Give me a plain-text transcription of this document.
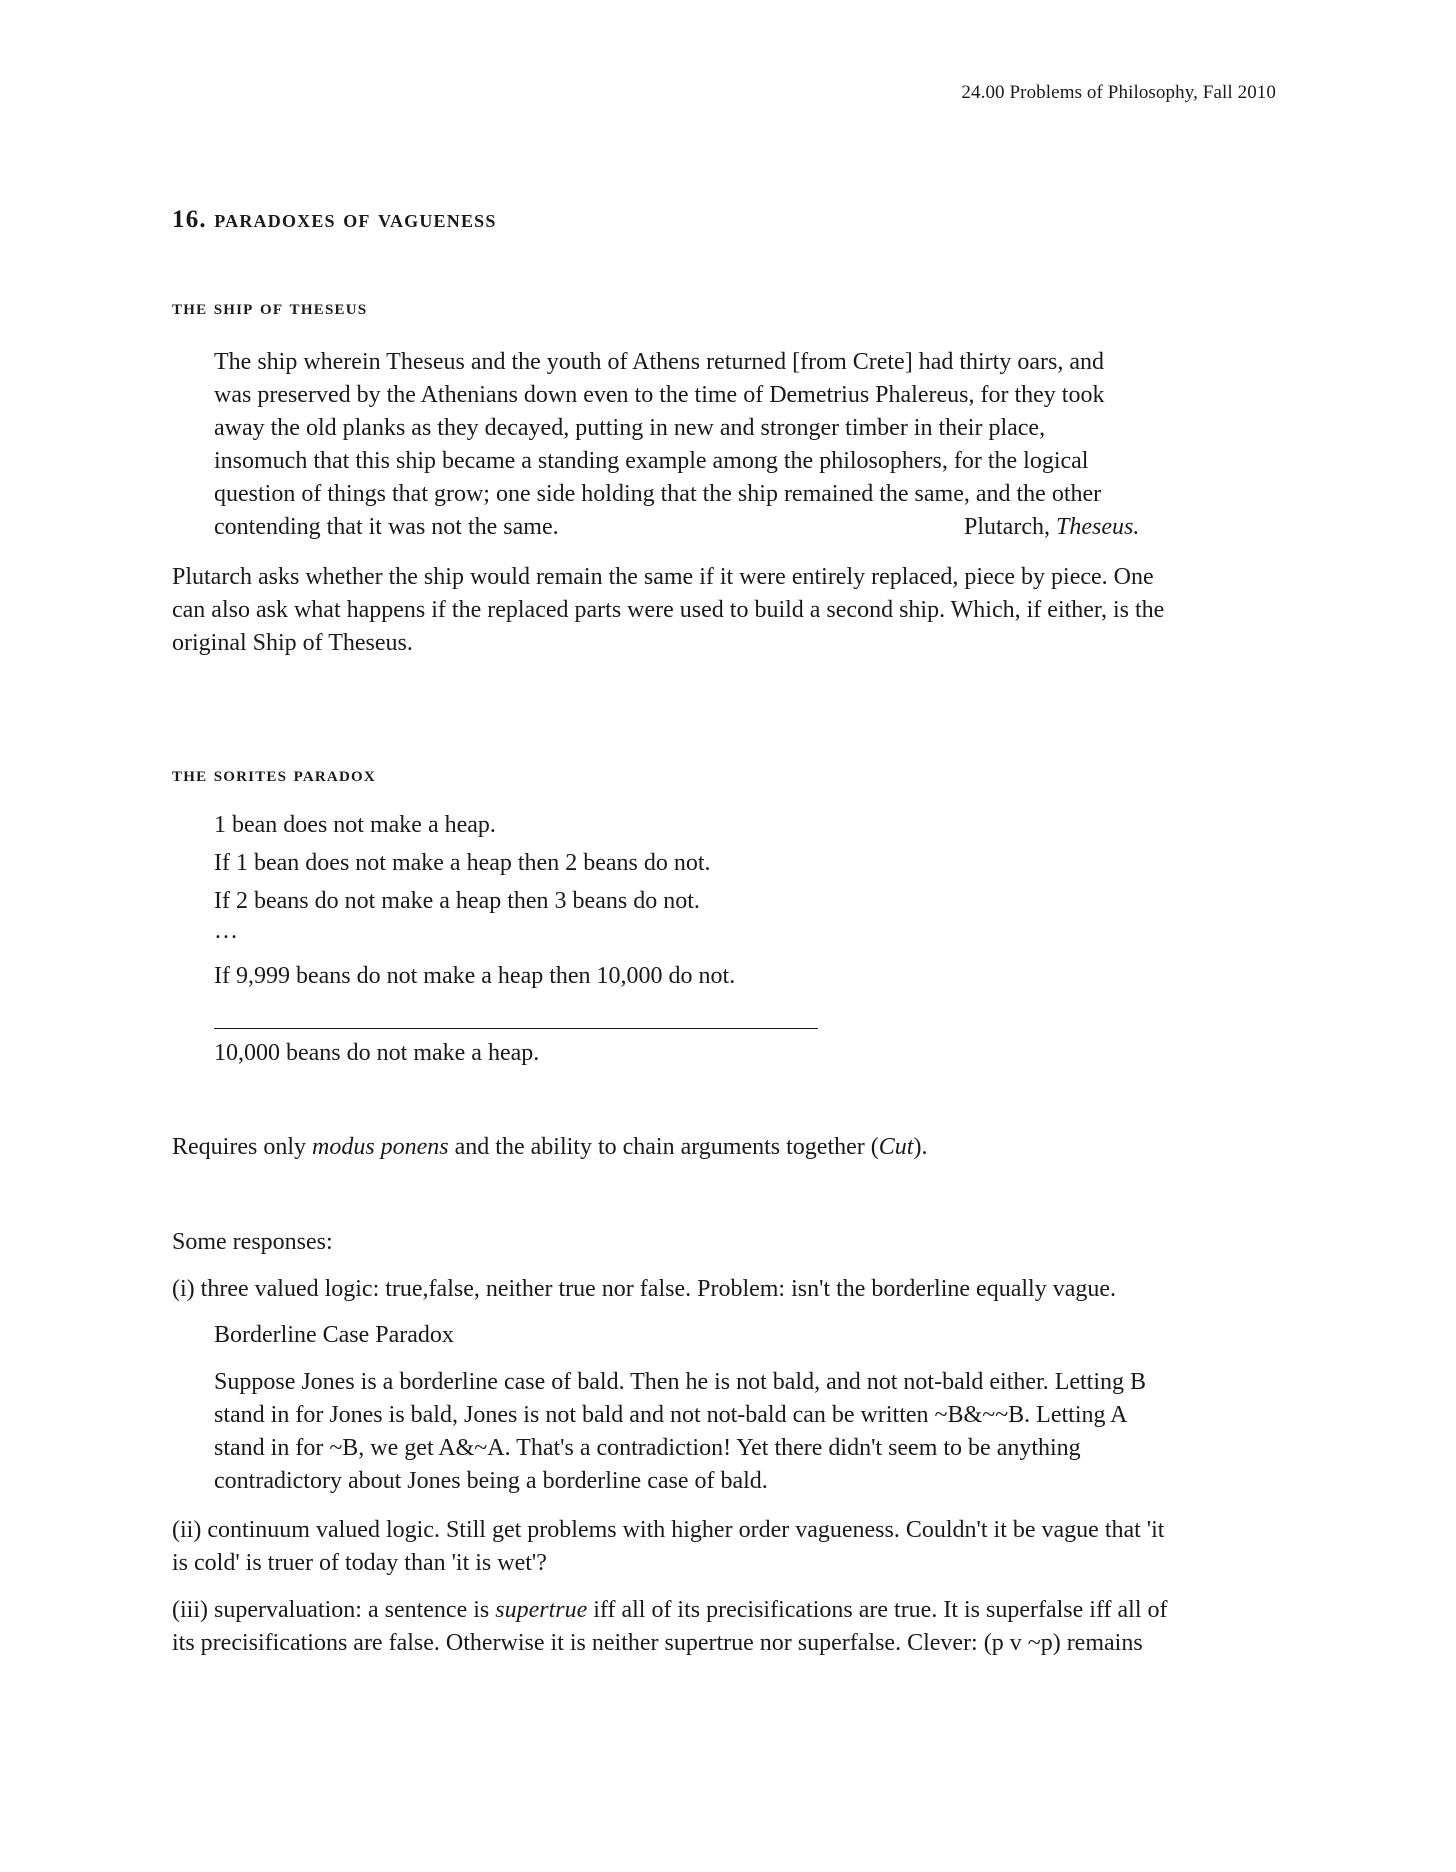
24.00 Problems of Philosophy, Fall 2010
16. paradoxes of vagueness
the ship of theseus
The ship wherein Theseus and the youth of Athens returned [from Crete] had thirty oars, and
was preserved by the Athenians down even to the time of Demetrius Phalereus, for they took
away the old planks as they decayed, putting in new and stronger timber in their place,
insomuch that this ship became a standing example among the philosophers, for the logical
question of things that grow; one side holding that the ship remained the same, and the other
contending that it was not the same.	Plutarch, Theseus.
Plutarch asks whether the ship would remain the same if it were entirely replaced, piece by piece. One
can also ask what happens if the replaced parts were used to build a second ship. Which, if either, is the
original Ship of Theseus.
the sorites paradox
1 bean does not make a heap.
If 1 bean does not make a heap then 2 beans do not.
If 2 beans do not make a heap then 3 beans do not.
…
If 9,999 beans do not make a heap then 10,000 do not.
10,000 beans do not make a heap.
Requires only modus ponens and the ability to chain arguments together (Cut).
Some responses:
(i) three valued logic: true,false, neither true nor false. Problem: isn't the borderline equally vague.
Borderline Case Paradox
Suppose Jones is a borderline case of bald. Then he is not bald, and not not-bald either. Letting B
stand in for Jones is bald, Jones is not bald and not not-bald can be written ~B&~~B. Letting A
stand in for ~B, we get A&~A. That's a contradiction! Yet there didn't seem to be anything
contradictory about Jones being a borderline case of bald.
(ii) continuum valued logic. Still get problems with higher order vagueness. Couldn't it be vague that 'it
is cold' is truer of today than 'it is wet'?
(iii) supervaluation: a sentence is supertrue iff all of its precisifications are true. It is superfalse iff all of
its precisifications are false. Otherwise it is neither supertrue nor superfalse. Clever: (p v ~p) remains
